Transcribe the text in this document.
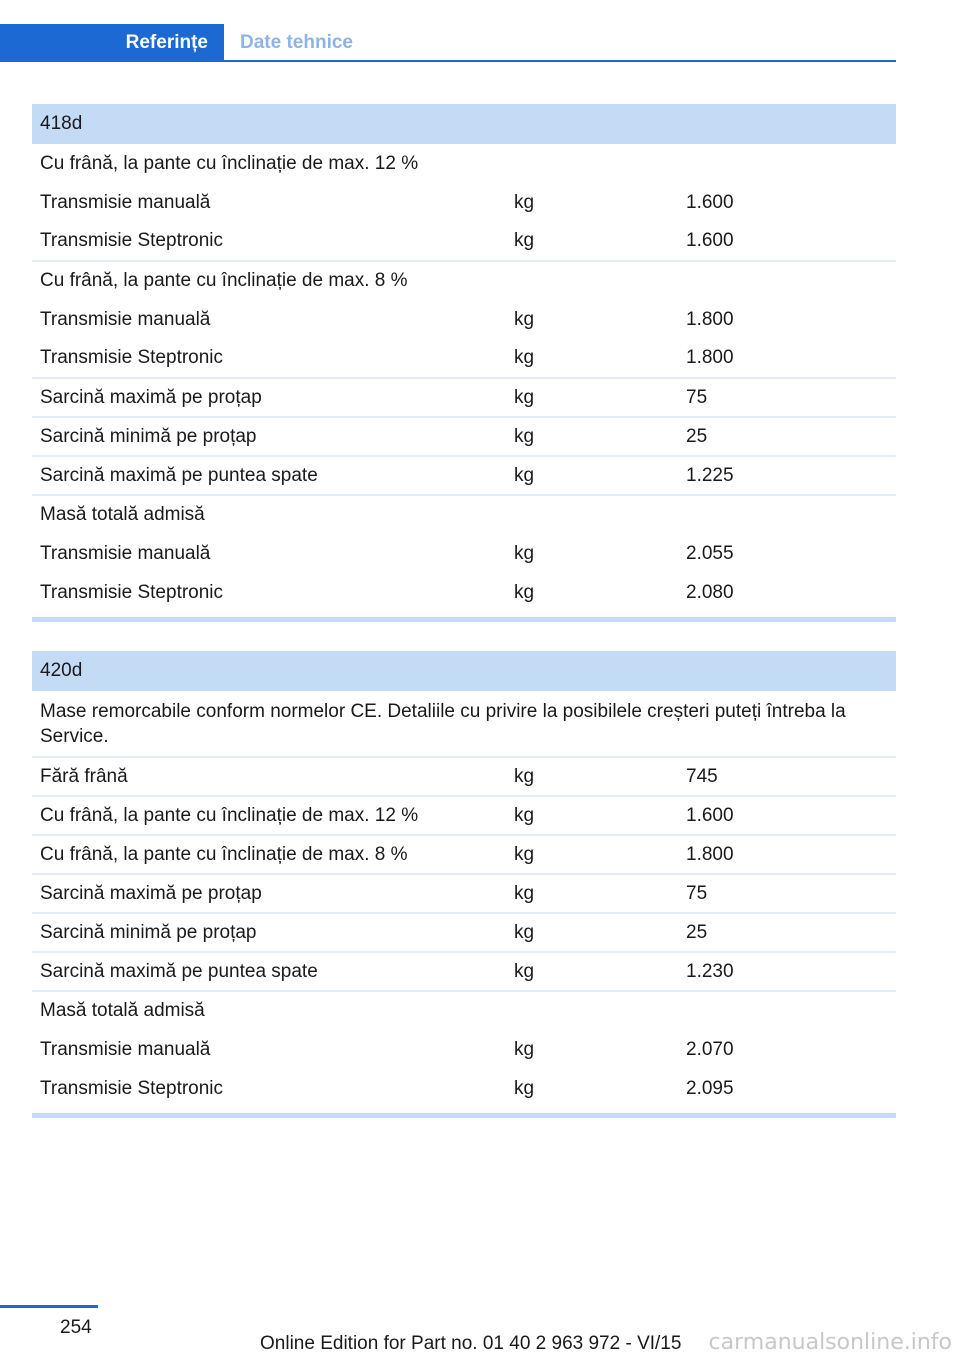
Referințe	Date tehnice
418d		
Cu frână, la pante cu înclinație de max. 12 %		
Transmisie manuală	kg	1.600
Transmisie Steptronic	kg	1.600
Cu frână, la pante cu înclinație de max. 8 %		
Transmisie manuală	kg	1.800
Transmisie Steptronic	kg	1.800
Sarcină maximă pe proțap	kg	75
Sarcină minimă pe proțap	kg	25
Sarcină maximă pe puntea spate	kg	1.225
Masă totală admisă		
Transmisie manuală	kg	2.055
Transmisie Steptronic	kg	2.080
420d		
Mase remorcabile conform normelor CE. Detaliile cu privire la posibilele creșteri puteți întreba la Service.		
Fără frână	kg	745
Cu frână, la pante cu înclinație de max. 12 %	kg	1.600
Cu frână, la pante cu înclinație de max. 8 %	kg	1.800
Sarcină maximă pe proțap	kg	75
Sarcină minimă pe proțap	kg	25
Sarcină maximă pe puntea spate	kg	1.230
Masă totală admisă		
Transmisie manuală	kg	2.070
Transmisie Steptronic	kg	2.095
254
Online Edition for Part no. 01 40 2 963 972 - VI/15 carmanualsonline.info
